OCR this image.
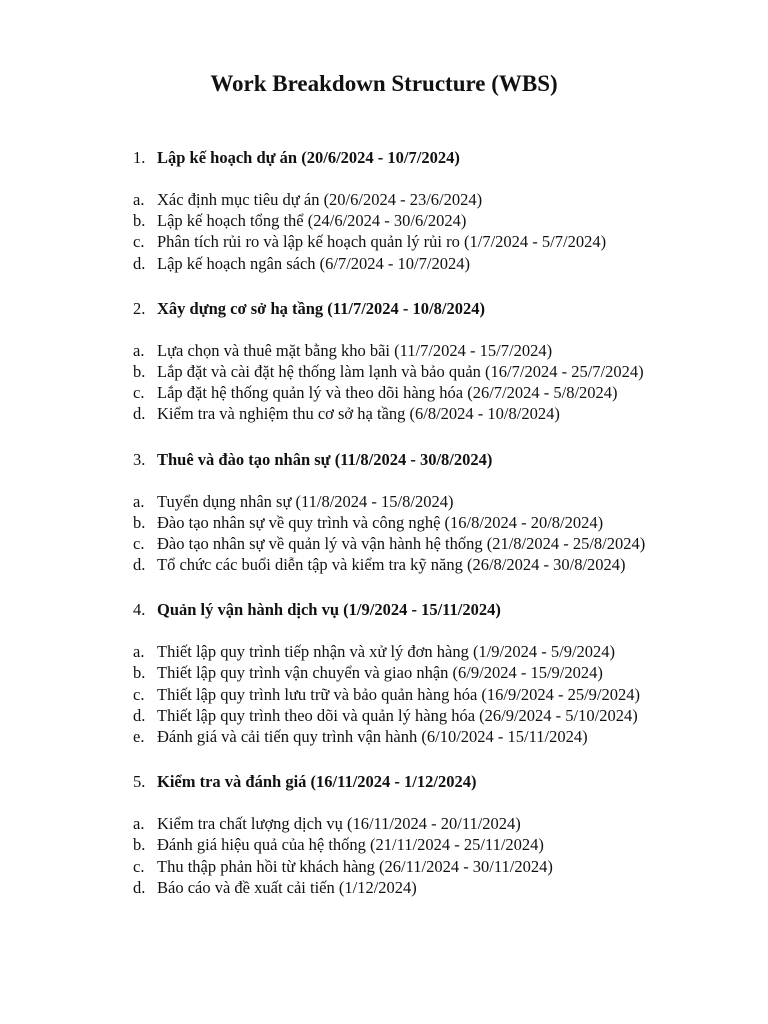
Work Breakdown Structure (WBS)
1. Lập kế hoạch dự án (20/6/2024 - 10/7/2024)
a. Xác định mục tiêu dự án (20/6/2024 - 23/6/2024)
b. Lập kế hoạch tổng thể (24/6/2024 - 30/6/2024)
c. Phân tích rủi ro và lập kế hoạch quản lý rủi ro (1/7/2024 - 5/7/2024)
d. Lập kế hoạch ngân sách (6/7/2024 - 10/7/2024)
2. Xây dựng cơ sở hạ tầng (11/7/2024 - 10/8/2024)
a. Lựa chọn và thuê mặt bằng kho bãi (11/7/2024 - 15/7/2024)
b. Lắp đặt và cài đặt hệ thống làm lạnh và bảo quản (16/7/2024 - 25/7/2024)
c. Lắp đặt hệ thống quản lý và theo dõi hàng hóa (26/7/2024 - 5/8/2024)
d. Kiểm tra và nghiệm thu cơ sở hạ tầng (6/8/2024 - 10/8/2024)
3. Thuê và đào tạo nhân sự (11/8/2024 - 30/8/2024)
a. Tuyển dụng nhân sự (11/8/2024 - 15/8/2024)
b. Đào tạo nhân sự về quy trình và công nghệ (16/8/2024 - 20/8/2024)
c. Đào tạo nhân sự về quản lý và vận hành hệ thống (21/8/2024 - 25/8/2024)
d. Tổ chức các buổi diễn tập và kiểm tra kỹ năng (26/8/2024 - 30/8/2024)
4. Quản lý vận hành dịch vụ (1/9/2024 - 15/11/2024)
a. Thiết lập quy trình tiếp nhận và xử lý đơn hàng (1/9/2024 - 5/9/2024)
b. Thiết lập quy trình vận chuyển và giao nhận (6/9/2024 - 15/9/2024)
c. Thiết lập quy trình lưu trữ và bảo quản hàng hóa (16/9/2024 - 25/9/2024)
d. Thiết lập quy trình theo dõi và quản lý hàng hóa (26/9/2024 - 5/10/2024)
e. Đánh giá và cải tiến quy trình vận hành (6/10/2024 - 15/11/2024)
5. Kiểm tra và đánh giá (16/11/2024 - 1/12/2024)
a. Kiểm tra chất lượng dịch vụ (16/11/2024 - 20/11/2024)
b. Đánh giá hiệu quả của hệ thống (21/11/2024 - 25/11/2024)
c. Thu thập phản hồi từ khách hàng (26/11/2024 - 30/11/2024)
d. Báo cáo và đề xuất cải tiến (1/12/2024)
